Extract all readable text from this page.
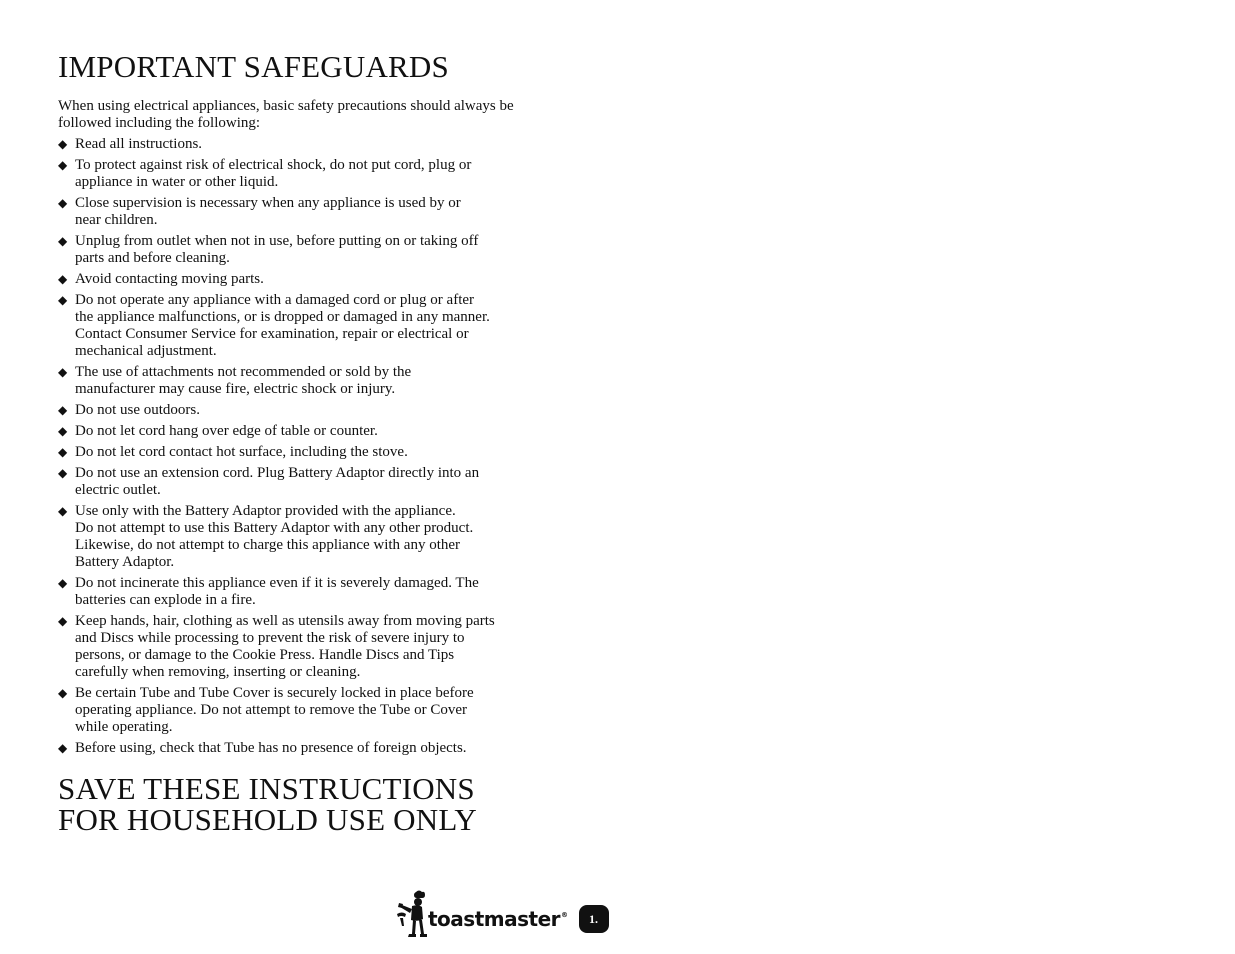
IMPORTANT SAFEGUARDS

When using electrical appliances, basic safety precautions should always be followed including the following:

◆ Read all instructions.
◆ To protect against risk of electrical shock, do not put cord, plug or
appliance in water or other liquid.
◆ Close supervision is necessary when any appliance is used by or
near children.
◆ Unplug from outlet when not in use, before putting on or taking off
parts and before cleaning.
◆ Avoid contacting moving parts.
◆ Do not operate any appliance with a damaged cord or plug or after
the appliance malfunctions, or is dropped or damaged in any manner.
Contact Consumer Service for examination, repair or electrical or
mechanical adjustment.
◆ The use of attachments not recommended or sold by the
manufacturer may cause fire, electric shock or injury.
◆ Do not use outdoors.
◆ Do not let cord hang over edge of table or counter.
◆ Do not let cord contact hot surface, including the stove.
◆ Do not use an extension cord. Plug Battery Adaptor directly into an
electric outlet.
◆ Use only with the Battery Adaptor provided with the appliance.
Do not attempt to use this Battery Adaptor with any other product.
Likewise, do not attempt to charge this appliance with any other
Battery Adaptor.
◆ Do not incinerate this appliance even if it is severely damaged. The
batteries can explode in a fire.
◆ Keep hands, hair, clothing as well as utensils away from moving parts
and Discs while processing to prevent the risk of severe injury to
persons, or damage to the Cookie Press. Handle Discs and Tips
carefully when removing, inserting or cleaning.
◆ Be certain Tube and Tube Cover is securely locked in place before
operating appliance. Do not attempt to remove the Tube or Cover
while operating.
◆ Before using, check that Tube has no presence of foreign objects.
SAVE THESE INSTRUCTIONS
FOR HOUSEHOLD USE ONLY
toastmaster®	1.
